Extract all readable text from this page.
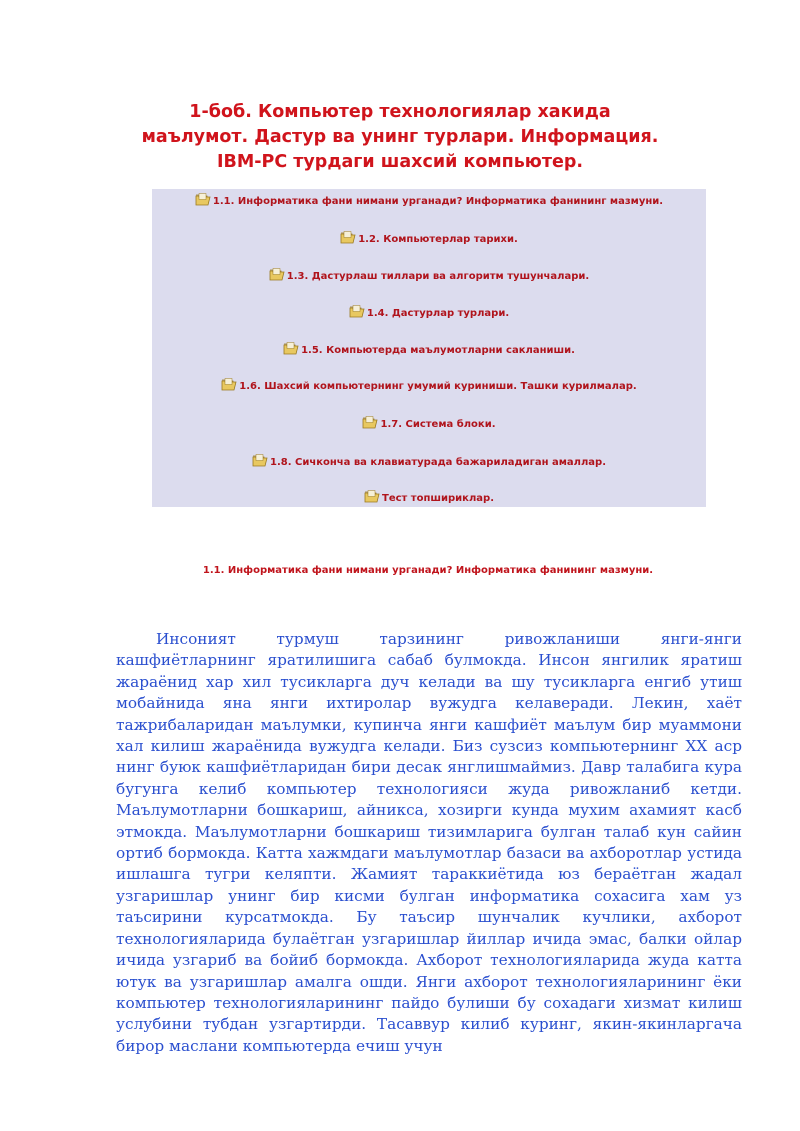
1-боб. Компьютер технологиялар хакида маълумот. Дастур ва унинг турлари. Информация. IBM-PC турдаги шахсий компьютер.
1.1. Информатика фани нимани урганади? Информатика фанининг мазмуни.
1.2. Компьютерлар тарихи.
1.3. Дастурлаш тиллари ва алгоритм тушунчалари.
1.4. Дастурлар турлари.
1.5. Компьютерда маълумотларни сакланиши.
1.6. Шахсий компьютернинг умумий куриниши. Ташки курилмалар.
1.7. Система блоки.
1.8. Сичкончa ва клавиатурада бажариладиган амаллар.
Тест топшириклар.
1.1. Информатика фани нимани урганади? Информатика фанининг мазмуни.

Инсоният турмуш тарзининг ривожланиши янги-янги кашфиётларнинг яратилишига сабаб булмокда. Инсон янгилик яратиш жараёнид хар хил тусикларга дуч келади ва шу тусикларга енгиб утиш мобайнида яна янги ихтиролар вужудга келаверади. Лекин, хаёт тажрибаларидан маълумки, купинча янги кашфиёт маълум бир муаммони хал килиш жараёнида вужудга келади. Биз сузсиз компьютернинг XX аср нинг буюк кашфиётларидан бири десак янглишмаймиз. Давр талабига кура бугунга келиб компьютер технологияси жуда ривожланиб кетди. Маълумотларни бошкариш, айникса, хозирги кунда мухим ахамият касб этмокда. Маълумотларни бошкариш тизимларига булган талаб кун сайин ортиб бормокда. Катта хажмдаги маълумотлар базаси ва ахборотлар устида ишлашга тугри келяпти. Жамият тараккиётида юз бераётган жадал узгаришлар унинг бир кисми булган информатика сохасига хам уз таъсирини курсатмокда. Бу таъсир шунчалик кучлики, ахборот технологияларида булаётган узгаришлар йиллар ичида эмас, балки ойлар ичида узгариб ва бойиб бормокда. Ахборот технологияларида жуда катта ютук ва узгаришлар амалга ошди. Янги ахборот технологияларининг ёки компьютер технологияларининг пайдо булиши бу сохадаги хизмат килиш услубини тубдан узгартирди. Тасаввур килиб куринг, якин-якинларгача бирор маслани компьютерда ечиш учун
